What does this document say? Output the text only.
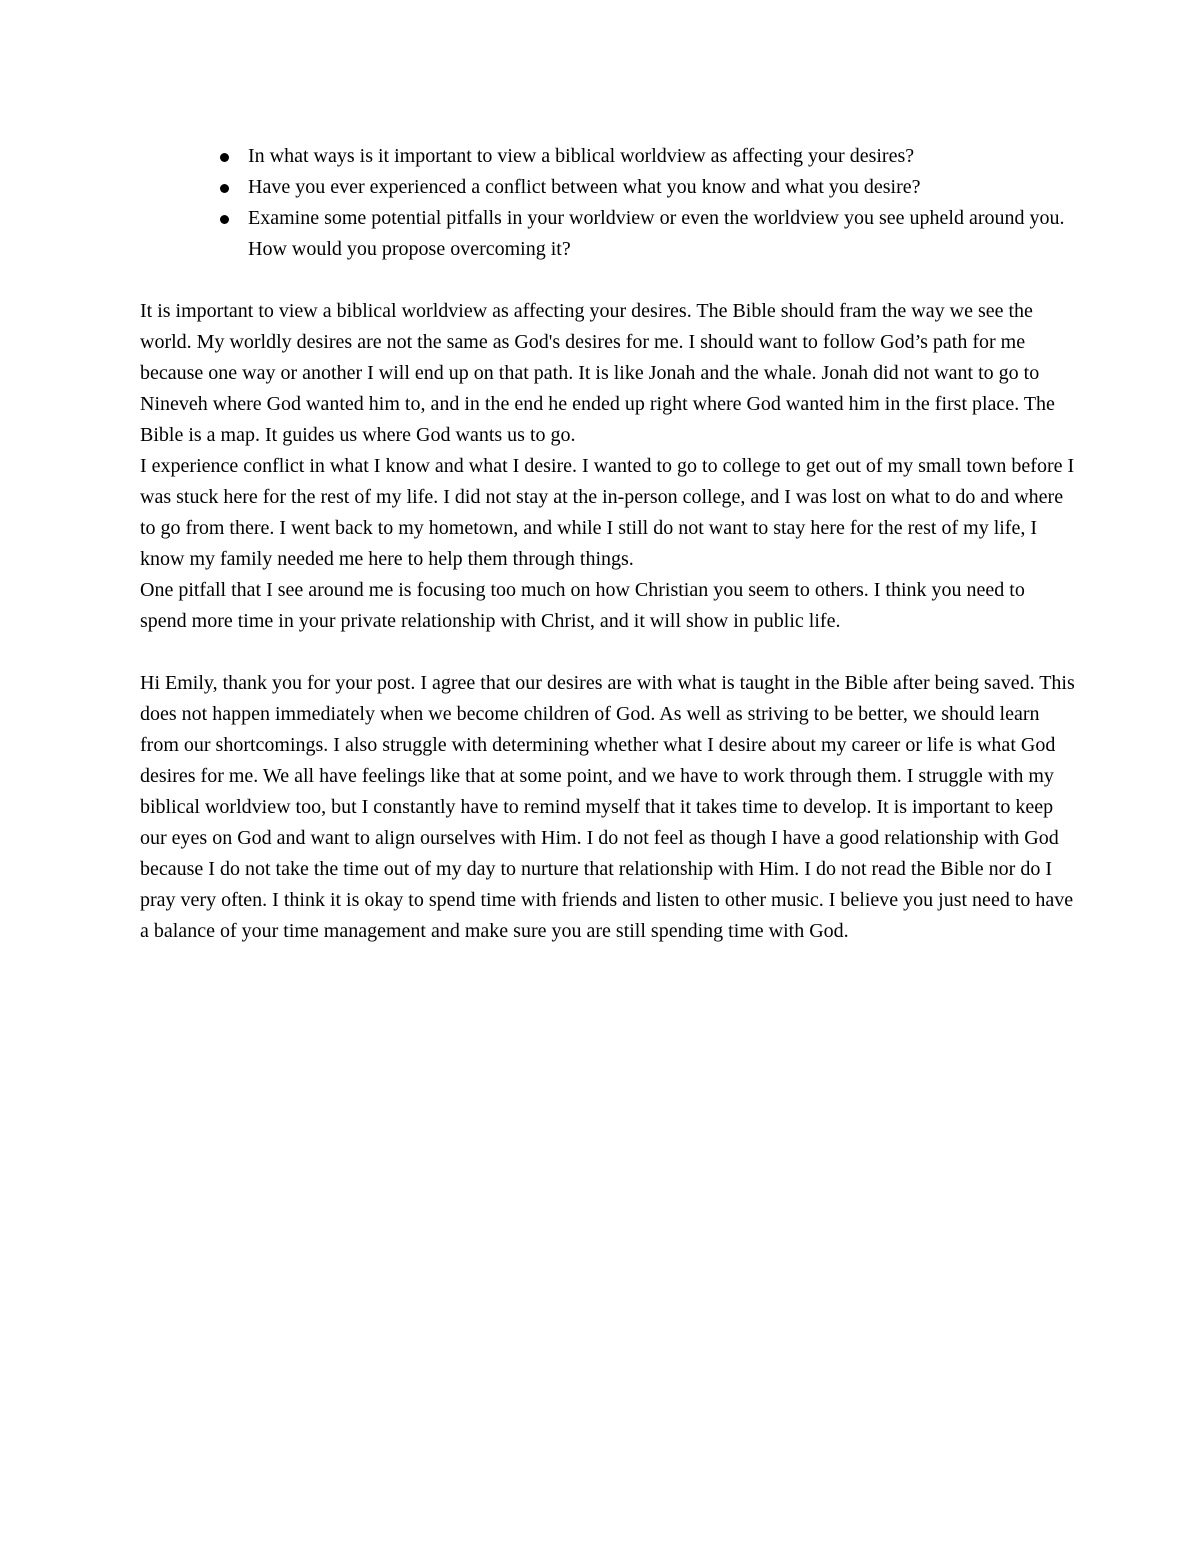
In what ways is it important to view a biblical worldview as affecting your desires?
Have you ever experienced a conflict between what you know and what you desire?
Examine some potential pitfalls in your worldview or even the worldview you see upheld around you. How would you propose overcoming it?

It is important to view a biblical worldview as affecting your desires. The Bible should fram the way we see the world. My worldly desires are not the same as God's desires for me. I should want to follow God’s path for me because one way or another I will end up on that path. It is like Jonah and the whale. Jonah did not want to go to Nineveh where God wanted him to, and in the end he ended up right where God wanted him in the first place. The Bible is a map. It guides us where God wants us to go.

I experience conflict in what I know and what I desire. I wanted to go to college to get out of my small town before I was stuck here for the rest of my life. I did not stay at the in-person college, and I was lost on what to do and where to go from there. I went back to my hometown, and while I still do not want to stay here for the rest of my life, I know my family needed me here to help them through things.

One pitfall that I see around me is focusing too much on how Christian you seem to others. I think you need to spend more time in your private relationship with Christ, and it will show in public life.

Hi Emily, thank you for your post. I agree that our desires are with what is taught in the Bible after being saved. This does not happen immediately when we become children of God. As well as striving to be better, we should learn from our shortcomings. I also struggle with determining whether what I desire about my career or life is what God desires for me. We all have feelings like that at some point, and we have to work through them. I struggle with my biblical worldview too, but I constantly have to remind myself that it takes time to develop. It is important to keep our eyes on God and want to align ourselves with Him. I do not feel as though I have a good relationship with God because I do not take the time out of my day to nurture that relationship with Him. I do not read the Bible nor do I pray very often. I think it is okay to spend time with friends and listen to other music. I believe you just need to have a balance of your time management and make sure you are still spending time with God.
